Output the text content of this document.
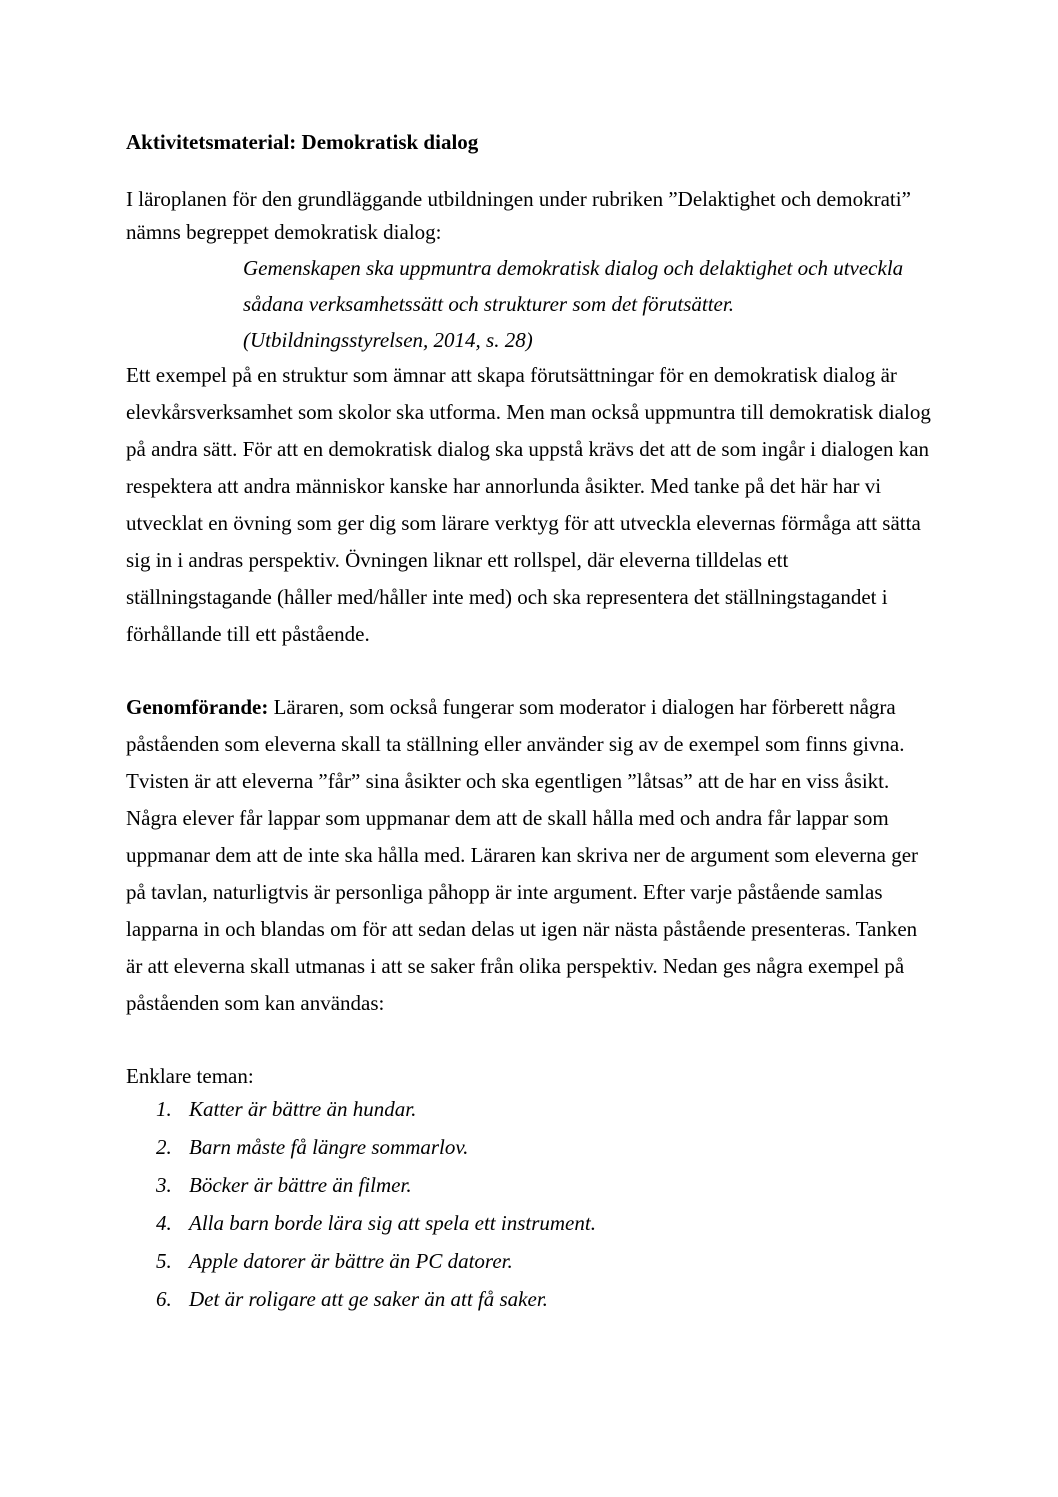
Aktivitetsmaterial: Demokratisk dialog

I läroplanen för den grundläggande utbildningen under rubriken ”Delaktighet och demokrati” nämns begreppet demokratisk dialog:

Gemenskapen ska uppmuntra demokratisk dialog och delaktighet och utveckla
sådana verksamhetssätt och strukturer som det förutsätter.
(Utbildningsstyrelsen, 2014, s. 28)

Ett exempel på en struktur som ämnar att skapa förutsättningar för en demokratisk dialog är elevkårsverksamhet som skolor ska utforma. Men man också uppmuntra till demokratisk dialog på andra sätt. För att en demokratisk dialog ska uppstå krävs det att de som ingår i dialogen kan respektera att andra människor kanske har annorlunda åsikter. Med tanke på det här har vi utvecklat en övning som ger dig som lärare verktyg för att utveckla elevernas förmåga att sätta sig in i andras perspektiv. Övningen liknar ett rollspel, där eleverna tilldelas ett ställningstagande (håller med/håller inte med) och ska representera det ställningstagandet i förhållande till ett påstående.

Genomförande: Läraren, som också fungerar som moderator i dialogen har förberett några påståenden som eleverna skall ta ställning eller använder sig av de exempel som finns givna. Tvisten är att eleverna ”får” sina åsikter och ska egentligen ”låtsas” att de har en viss åsikt. Några elever får lappar som uppmanar dem att de skall hålla med och andra får lappar som uppmanar dem att de inte ska hålla med. Läraren kan skriva ner de argument som eleverna ger på tavlan, naturligtvis är personliga påhopp är inte argument. Efter varje påstående samlas lapparna in och blandas om för att sedan delas ut igen när nästa påstående presenteras. Tanken är att eleverna skall utmanas i att se saker från olika perspektiv. Nedan ges några exempel på påståenden som kan användas:

Enklare teman:
1. Katter är bättre än hundar.
2. Barn måste få längre sommarlov.
3. Böcker är bättre än filmer.
4. Alla barn borde lära sig att spela ett instrument.
5. Apple datorer är bättre än PC datorer.
6. Det är roligare att ge saker än att få saker.
